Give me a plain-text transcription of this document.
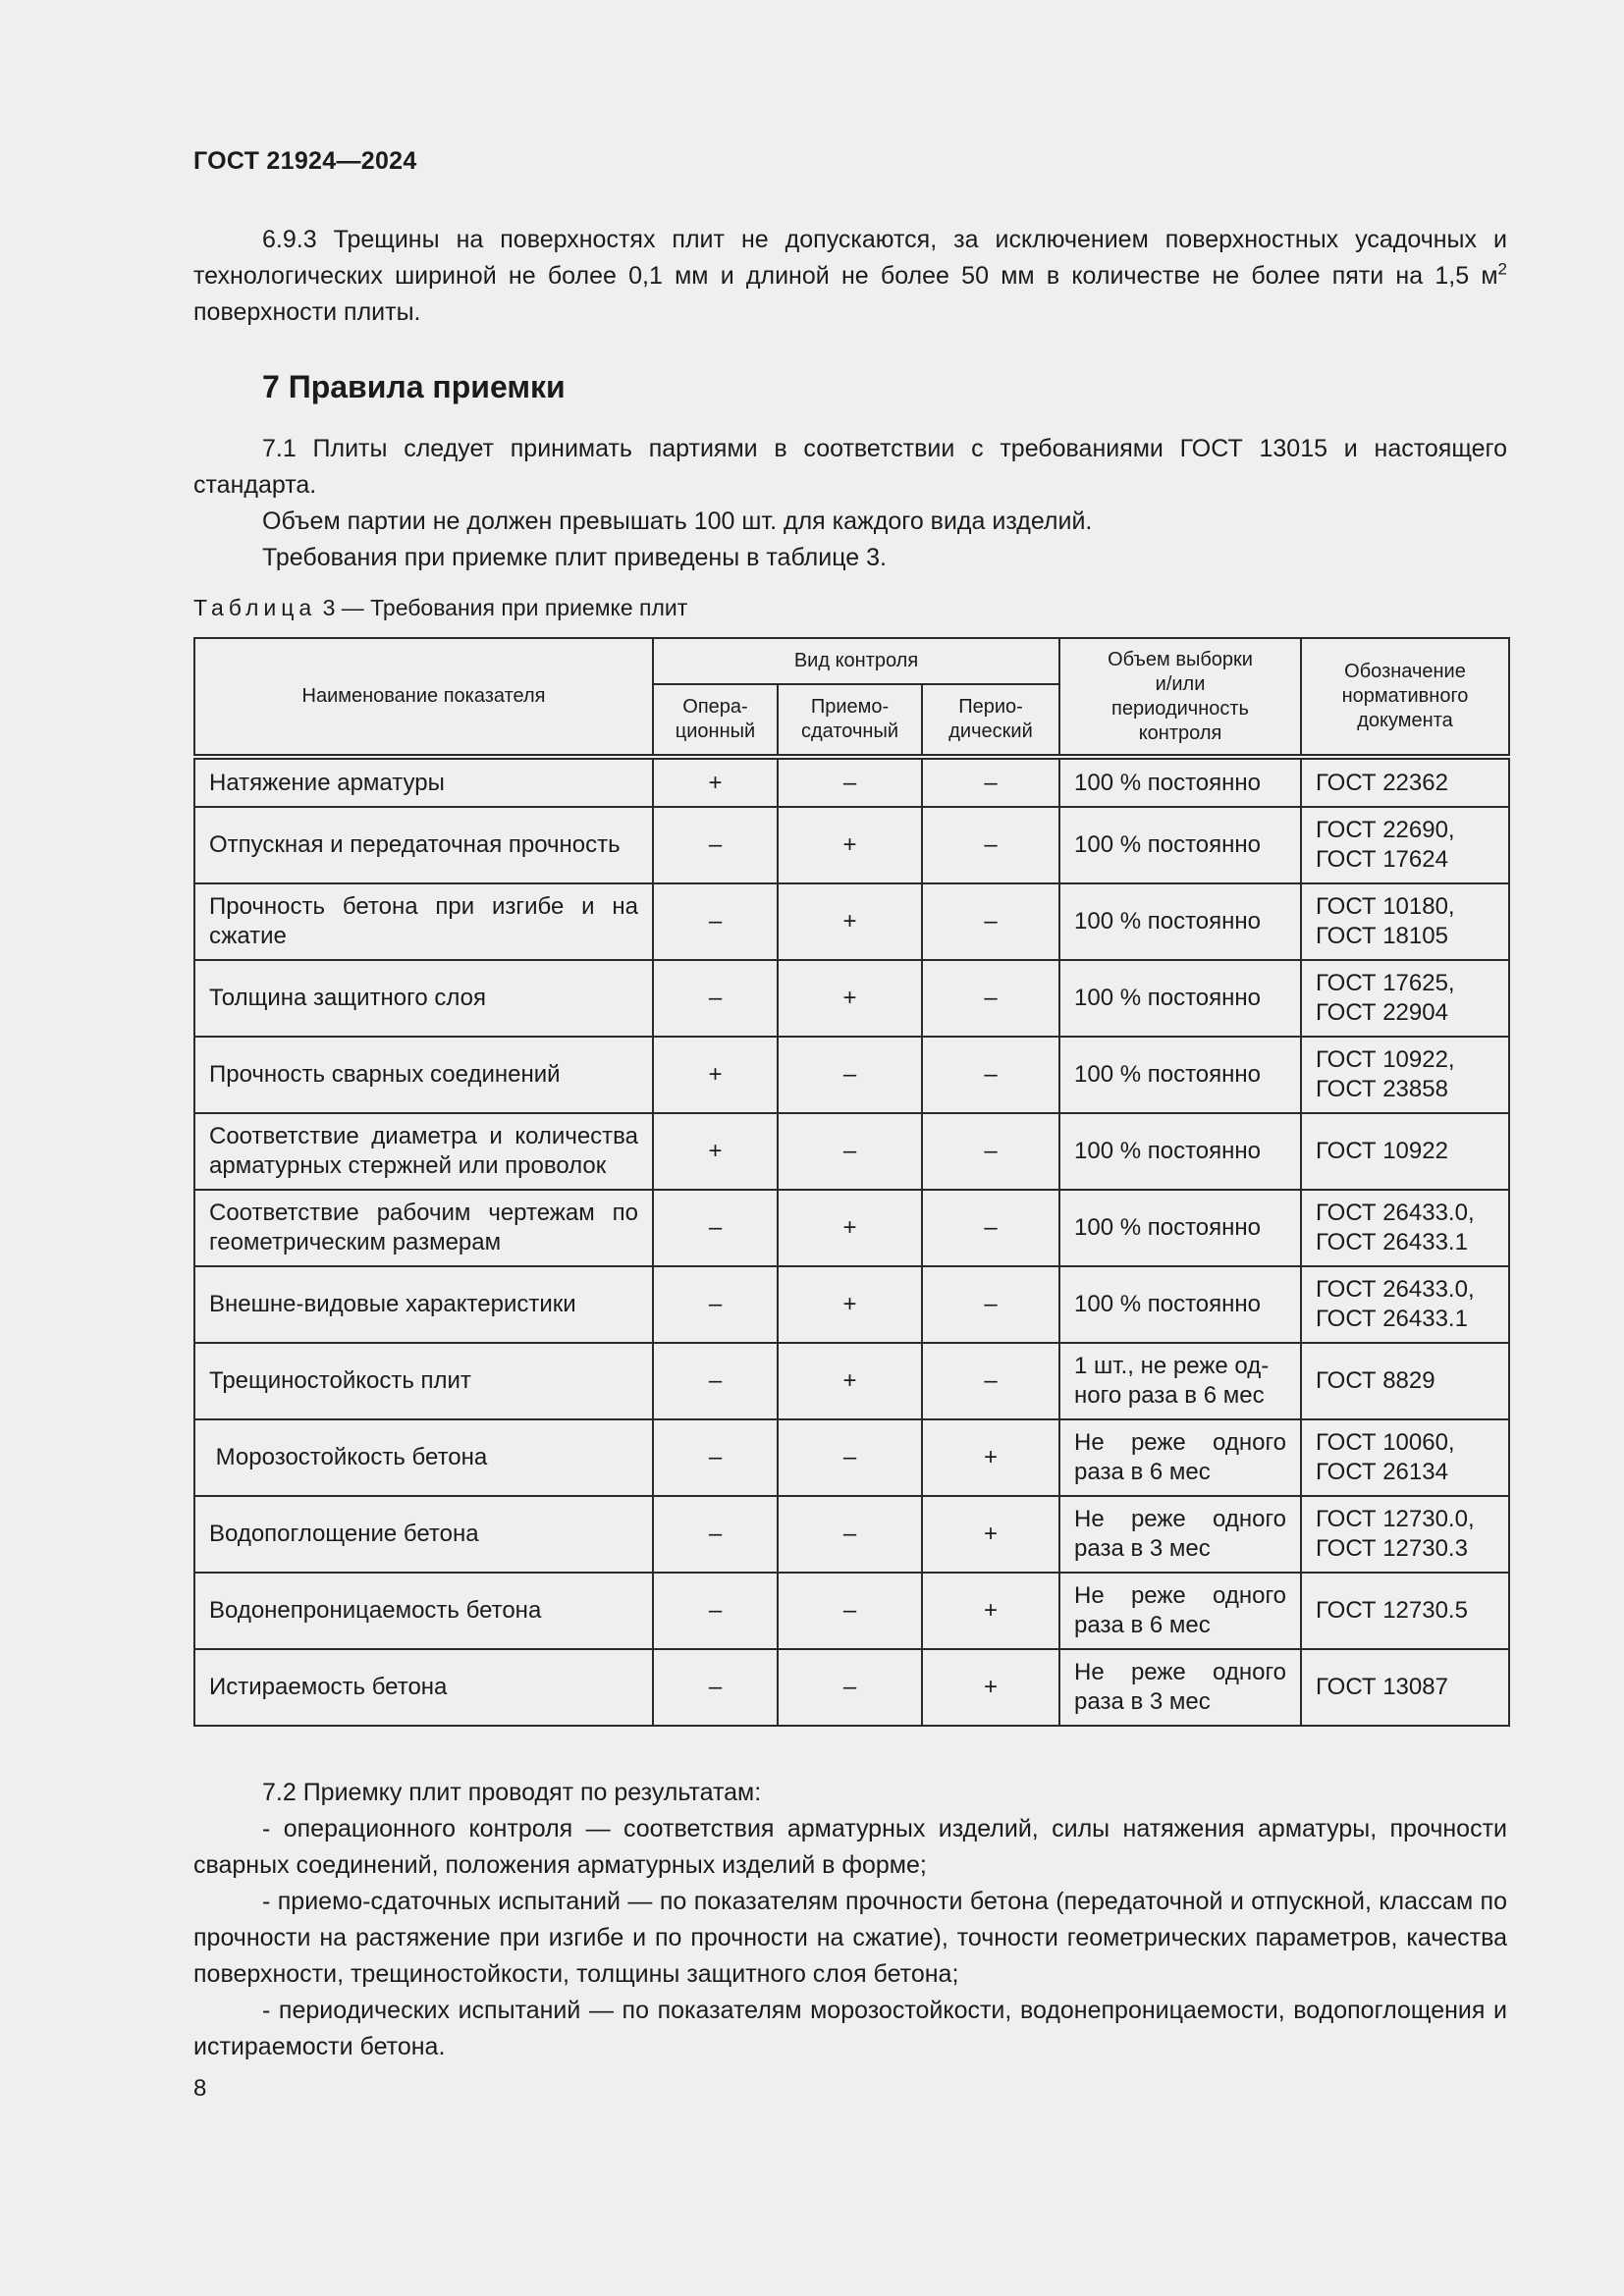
ГОСТ 21924—2024

6.9.3 Трещины на поверхностях плит не допускаются, за исключением поверхностных усадочных и технологических шириной не более 0,1 мм и длиной не более 50 мм в количестве не более пяти на 1,5 $м^2$ поверхности плиты.

7 Правила приемки

7.1 Плиты следует принимать партиями в соответствии с требованиями ГОСТ 13015 и настоящего стандарта.

Объем партии не должен превышать 100 шт. для каждого вида изделий.

Требования при приемке плит приведены в таблице 3.

Таблица 3 — Требования при приемке плит
Наименование показателя	Вид контроля			Объем выборки
и/или
периодичность
контроля	Обозначение
нормативного
документа
	Опера-
ционный	Приемо-
сдаточный	Перио-
дический		
Натяжение арматуры	+	–	–	100 % постоянно	ГОСТ 22362
Отпускная и передаточная прочность	–	+	–	100 % постоянно	ГОСТ 22690,
ГОСТ 17624
Прочность бетона при изгибе и на сжатие	–	+	–	100 % постоянно	ГОСТ 10180,
ГОСТ 18105
Толщина защитного слоя	–	+	–	100 % постоянно	ГОСТ 17625,
ГОСТ 22904
Прочность сварных соединений	+	–	–	100 % постоянно	ГОСТ 10922,
ГОСТ 23858
Соответствие диаметра и количества арматурных стержней или проволок	+	–	–	100 % постоянно	ГОСТ 10922
Соответствие рабочим чертежам по геометрическим размерам	–	+	–	100 % постоянно	ГОСТ 26433.0,
ГОСТ 26433.1
Внешне-видовые характеристики	–	+	–	100 % постоянно	ГОСТ 26433.0,
ГОСТ 26433.1
Трещиностойкость плит	–	+	–	1 шт., не реже од-
ного раза в 6 мес	ГОСТ 8829
Морозостойкость бетона	–	–	+	Не реже одного раза в 6 мес	ГОСТ 10060,
ГОСТ 26134
Водопоглощение бетона	–	–	+	Не реже одного раза в 3 мес	ГОСТ 12730.0,
ГОСТ 12730.3
Водонепроницаемость бетона	–	–	+	Не реже одного раза в 6 мес	ГОСТ 12730.5
Истираемость бетона	–	–	+	Не реже одного раза в 3 мес	ГОСТ 13087

7.2 Приемку плит проводят по результатам:

- операционного контроля — соответствия арматурных изделий, силы натяжения арматуры, прочности сварных соединений, положения арматурных изделий в форме;

- приемо-сдаточных испытаний — по показателям прочности бетона (передаточной и отпускной, классам по прочности на растяжение при изгибе и по прочности на сжатие), точности геометрических параметров, качества поверхности, трещиностойкости, толщины защитного слоя бетона;

- периодических испытаний — по показателям морозостойкости, водонепроницаемости, водопоглощения и истираемости бетона.

8
